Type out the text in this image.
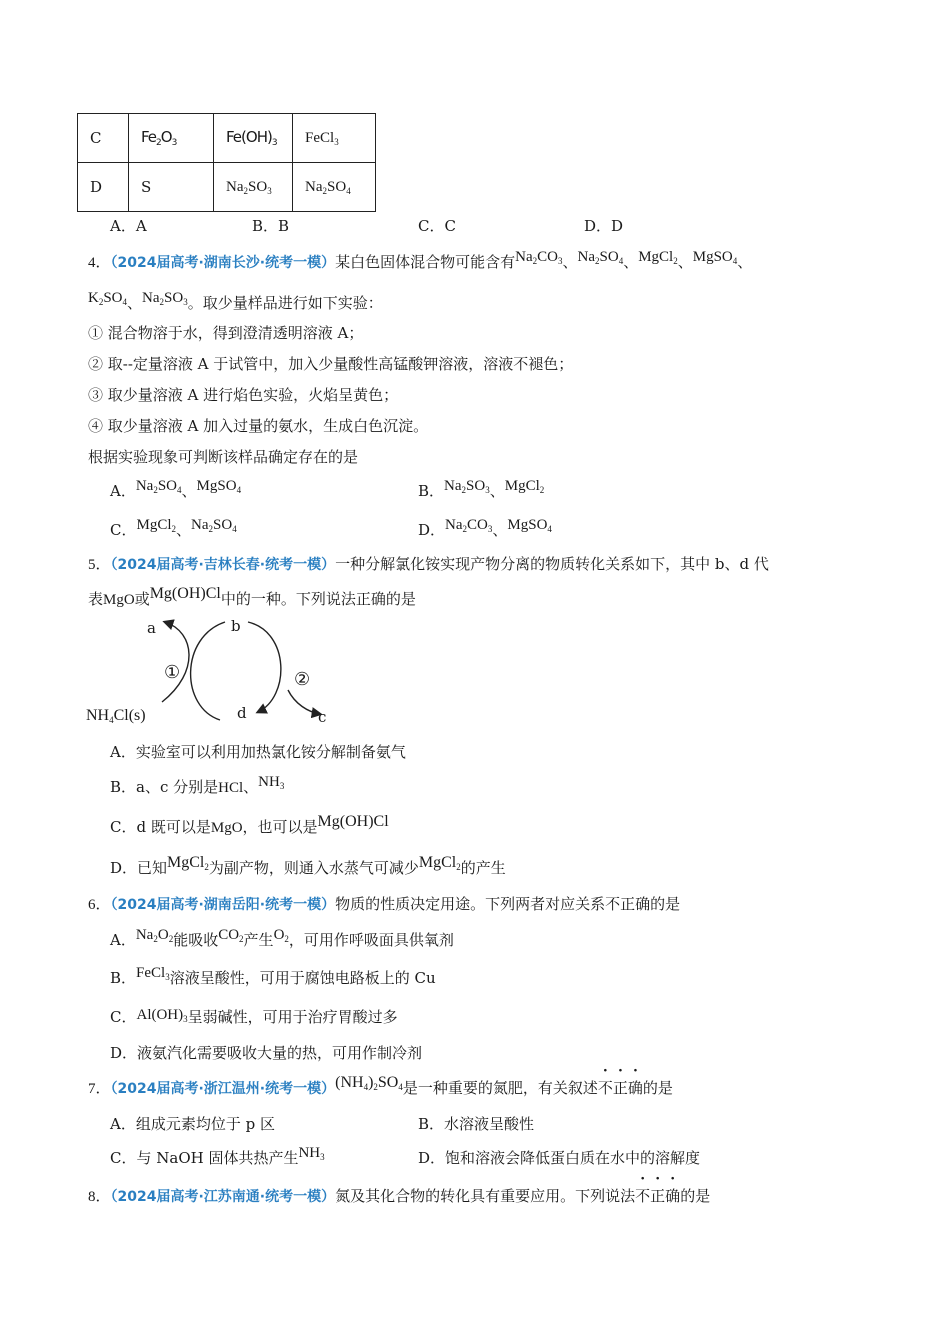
C	$Fe_2O_3$	$Fe(OH)_3$	FeCl$_3$
D	S	$Na_2SO_3$	$Na_2SO_4$
A．A	B．B	C．C	D．D
4．（2024届高考·湖南长沙·统考一模）某白色固体混合物可能含有$Na_2CO_3$、$Na_2SO_4$、MgCl$_2$、MgSO$_4$、
$K_2SO_4$、$Na_2SO_3$。取少量样品进行如下实验：
① 混合物溶于水，得到澄清透明溶液 A；
② 取--定量溶液 A 于试管中，加入少量酸性高锰酸钾溶液，溶液不褪色；
③ 取少量溶液 A 进行焰色实验，火焰呈黄色；
④ 取少量溶液 A 加入过量的氨水，生成白色沉淀。
根据实验现象可判断该样品确定存在的是
A．$Na_2SO_4$、MgSO$_4$	B．$Na_2SO_3$、MgCl$_2$
C．MgCl$_2$、$Na_2SO_4$	D．$Na_2CO_3$、MgSO$_4$
5．（2024届高考·吉林长春·统考一模）一种分解氯化铵实现产物分离的物质转化关系如下，其中 b、d 代
表MgO或Mg(OH)Cl中的一种。下列说法正确的是
a	b
①	②
d	c
$NH_4Cl(s)$
A．实验室可以利用加热氯化铵分解制备氨气
B．a、c 分别是HCl、$NH_3$
C．d 既可以是MgO，也可以是Mg(OH)Cl
D．已知MgCl$_2$为副产物，则通入水蒸气可减少MgCl$_2$的产生
6．（2024届高考·湖南岳阳·统考一模）物质的性质决定用途。下列两者对应关系不正确的是
A．$Na_2O_2$能吸收$CO_2$产生$O_2$，可用作呼吸面具供氧剂
B．FeCl$_3$溶液呈酸性，可用于腐蚀电路板上的 Cu
C．$Al(OH)_3$呈弱碱性，可用于治疗胃酸过多
D．液氨汽化需要吸收大量的热，可用作制冷剂
7．（2024届高考·浙江温州·统考一模）$(NH_4)_2SO_4$是一种重要的氮肥，有关叙述不正确的是
A．组成元素均位于 p 区	B．水溶液呈酸性
C．与 NaOH 固体共热产生$NH_3$	D．饱和溶液会降低蛋白质在水中的溶解度
8．（2024届高考·江苏南通·统考一模）氮及其化合物的转化具有重要应用。下列说法不正确的是
